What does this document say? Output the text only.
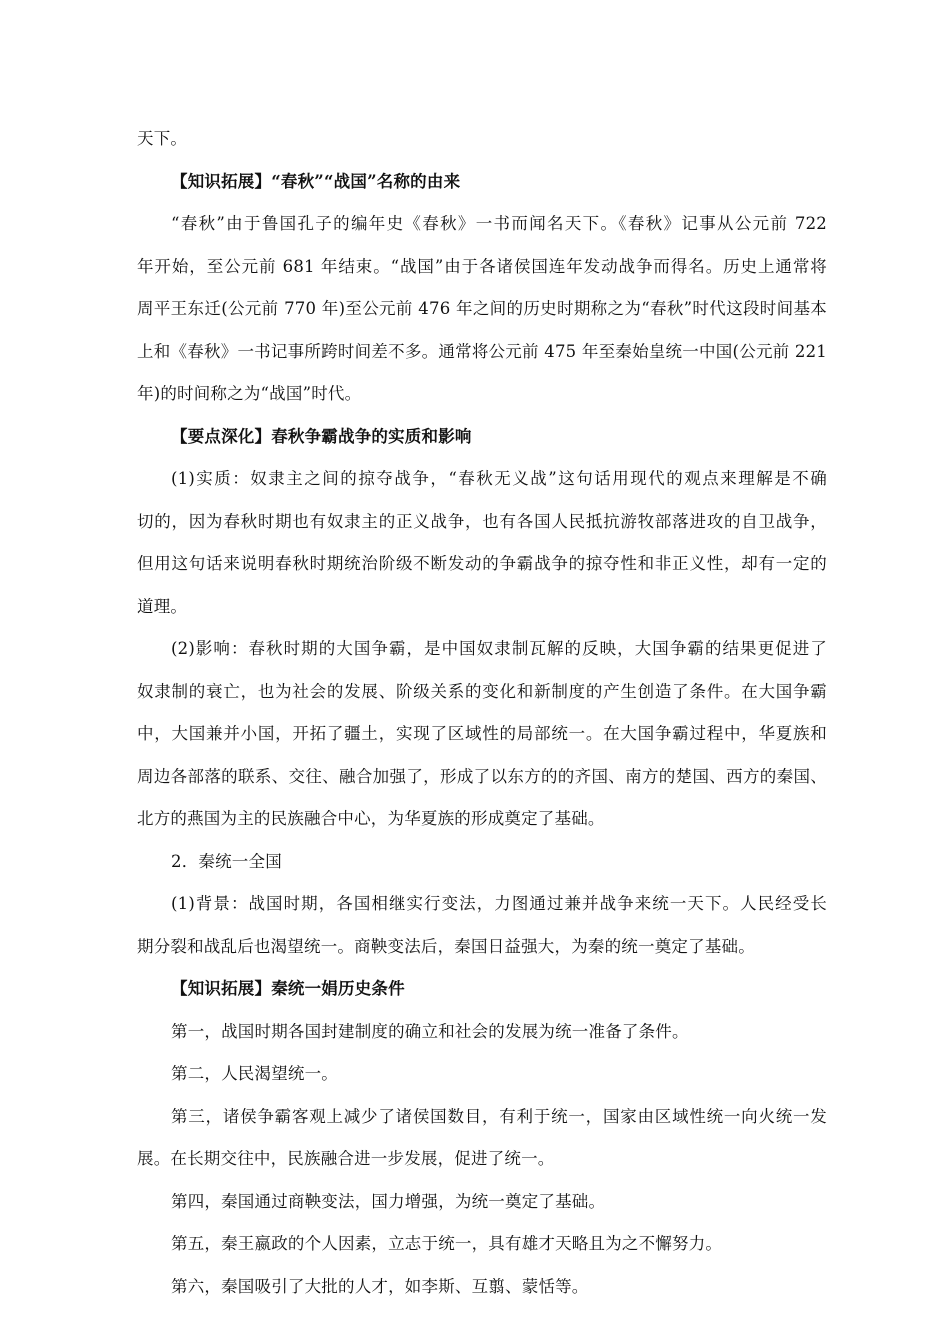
天下。
【知识拓展】“春秋”“战国”名称的由来
“春秋”由于鲁国孔子的编年史《春秋》一书而闻名天下。《春秋》记事从公元前 722
年开始，至公元前 681 年结束。“战国”由于各诸侯国连年发动战争而得名。历史上通常将
周平王东迁(公元前 770 年)至公元前 476 年之间的历史时期称之为“春秋”时代这段时间基本
上和《春秋》一书记事所跨时间差不多。通常将公元前 475 年至秦始皇统一中国(公元前 221
年)的时间称之为“战国”时代。
【要点深化】春秋争霸战争的实质和影响
(1)实质：奴隶主之间的掠夺战争，“春秋无义战”这句话用现代的观点来理解是不确
切的，因为春秋时期也有奴隶主的正义战争，也有各国人民抵抗游牧部落进攻的自卫战争，
但用这句话来说明春秋时期统治阶级不断发动的争霸战争的掠夺性和非正义性，却有一定的
道理。
(2)影响：春秋时期的大国争霸，是中国奴隶制瓦解的反映，大国争霸的结果更促进了
奴隶制的衰亡，也为社会的发展、阶级关系的变化和新制度的产生创造了条件。在大国争霸
中，大国兼并小国，开拓了疆土，实现了区域性的局部统一。在大国争霸过程中，华夏族和
周边各部落的联系、交往、融合加强了，形成了以东方的的齐国、南方的楚国、西方的秦国、
北方的燕国为主的民族融合中心，为华夏族的形成奠定了基础。
2．秦统一全国
(1)背景：战国时期，各国相继实行变法，力图通过兼并战争来统一天下。人民经受长
期分裂和战乱后也渴望统一。商鞅变法后，秦国日益强大，为秦的统一奠定了基础。
【知识拓展】秦统一娟历史条件
第一，战国时期各国封建制度的确立和社会的发展为统一准备了条件。
第二，人民渴望统一。
第三，诸侯争霸客观上减少了诸侯国数目，有利于统一，国家由区域性统一向火统一发
展。在长期交往中，民族融合进一步发展，促进了统一。
第四，秦国通过商鞅变法，国力增强，为统一奠定了基础。
第五，秦王嬴政的个人因素，立志于统一，具有雄才天略且为之不懈努力。
第六，秦国吸引了大批的人才，如李斯、互翦、蒙恬等。
